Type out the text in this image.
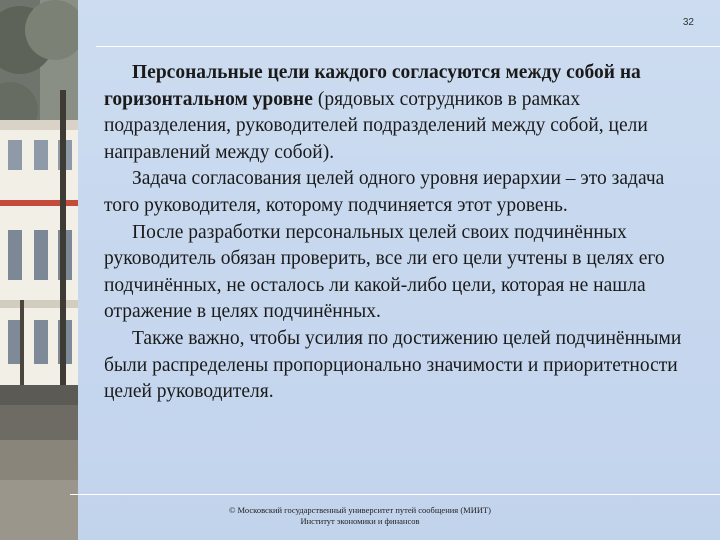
32

Персональные цели каждого согласуются между собой на горизонтальном уровне (рядовых сотрудников в рамках подразделения, руководителей подразделений между собой, цели направлений между собой).

Задача согласования целей одного уровня иерархии – это задача того руководителя, которому подчиняется этот уровень.

После разработки персональных целей своих подчинённых руководитель обязан проверить, все ли его цели учтены в целях его подчинённых, не осталось ли какой-либо цели, которая не нашла отражение в целях подчинённых.

Также важно, чтобы усилия по достижению целей подчинёнными были распределены пропорционально значимости и приоритетности целей руководителя.

© Московский государственный университет путей сообщения (МИИТ)
Институт экономики и финансов
